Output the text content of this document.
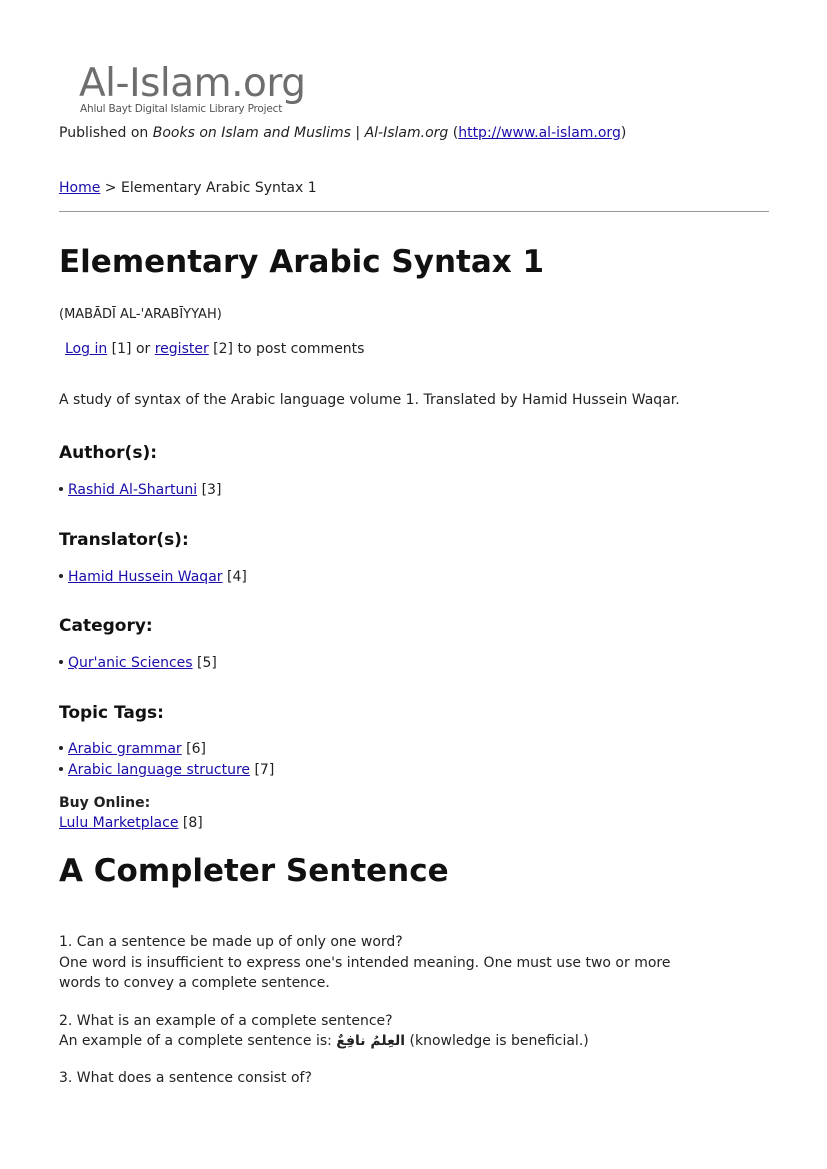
Al-Islam.org
Ahlul Bayt Digital Islamic Library Project
Published on Books on Islam and Muslims | Al-Islam.org (http://www.al-islam.org)
Home > Elementary Arabic Syntax 1
Elementary Arabic Syntax 1
(MABĀDĪ AL-'ARABĪYYAH)
Log in [1] or register [2] to post comments
A study of syntax of the Arabic language volume 1. Translated by Hamid Hussein Waqar.
Author(s):
Rashid Al-Shartuni [3]
Translator(s):
Hamid Hussein Waqar [4]
Category:
Qur'anic Sciences [5]
Topic Tags:
Arabic grammar [6]
Arabic language structure [7]
Buy Online:
Lulu Marketplace [8]
A Completer Sentence
1. Can a sentence be made up of only one word?
One word is insufficient to express one's intended meaning. One must use two or more
words to convey a complete sentence.
2. What is an example of a complete sentence?
An example of a complete sentence is: العِلمُ نافِعٌ (knowledge is beneficial.)
3. What does a sentence consist of?
